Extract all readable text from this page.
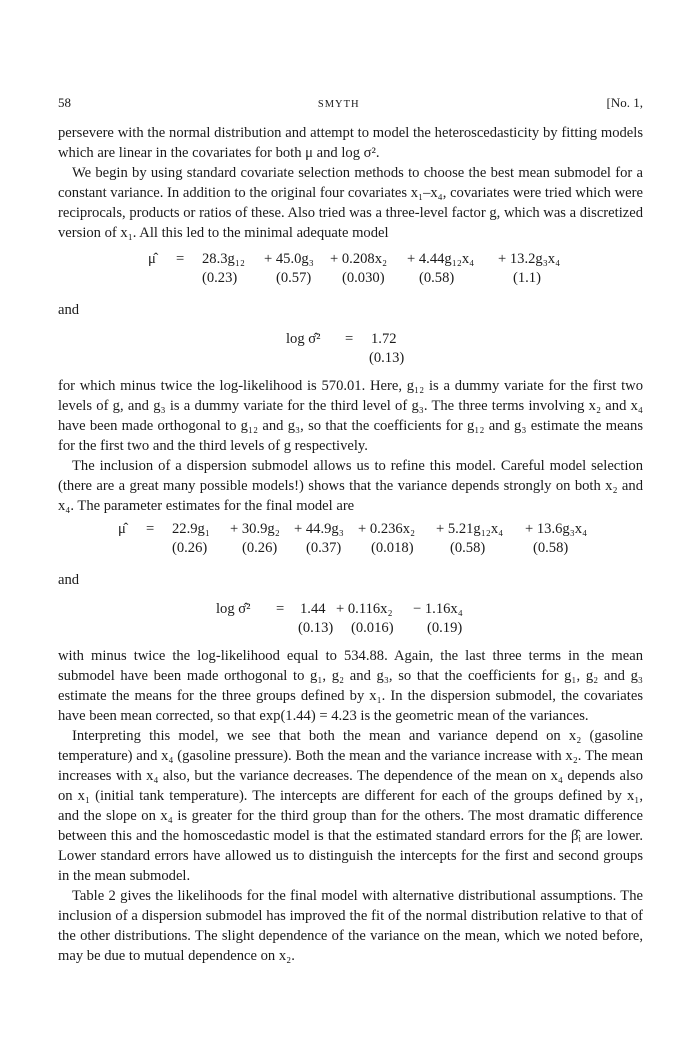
58	SMYTH	[No. 1,

persevere with the normal distribution and attempt to model the heteroscedasticity by fitting models which are linear in the covariates for both μ and log σ².

We begin by using standard covariate selection methods to choose the best mean submodel for a constant variance. In addition to the original four covariates x₁–x₄, covariates were tried which were reciprocals, products or ratios of these. Also tried was a three-level factor g, which was a discretized version of x₁. All this led to the minimal adequate model

μ̂ = 28.3g₁₂ + 45.0g₃ + 0.208x₂ + 4.44g₁₂x₄ + 13.2g₃x₄
(0.23)	(0.57) (0.030) (0.58)	(1.1)
and
log σ̂² = 1.72
(0.13)

for which minus twice the log-likelihood is 570.01. Here, g₁₂ is a dummy variate for the first two levels of g, and g₃ is a dummy variate for the third level of g₃. The three terms involving x₂ and x₄ have been made orthogonal to g₁₂ and g₃, so that the coefficients for g₁₂ and g₃ estimate the means for the first two and the third levels of g respectively.

The inclusion of a dispersion submodel allows us to refine this model. Careful model selection (there are a great many possible models!) shows that the variance depends strongly on both x₂ and x₄. The parameter estimates for the final model are

μ̂ = 22.9g₁ + 30.9g₂ + 44.9g₃ + 0.236x₂ + 5.21g₁₂x₄ + 13.6g₃x₄
(0.26) (0.26) (0.37) (0.018) (0.58)	(0.58)
and
log σ̂² = 1.44 + 0.116x₂ − 1.16x₄
(0.13) (0.016) (0.19)

with minus twice the log-likelihood equal to 534.88. Again, the last three terms in the mean submodel have been made orthogonal to g₁, g₂ and g₃, so that the coefficients for g₁, g₂ and g₃ estimate the means for the three groups defined by x₁. In the dispersion submodel, the covariates have been mean corrected, so that exp(1.44) = 4.23 is the geometric mean of the variances.

Interpreting this model, we see that both the mean and variance depend on x₂ (gasoline temperature) and x₄ (gasoline pressure). Both the mean and the variance increase with x₂. The mean increases with x₄ also, but the variance decreases. The dependence of the mean on x₄ depends also on x₁ (initial tank temperature). The intercepts are different for each of the groups defined by x₁, and the slope on x₄ is greater for the third group than for the others. The most dramatic difference between this and the homoscedastic model is that the estimated standard errors for the β̂ᵢ are lower. Lower standard errors have allowed us to distinguish the intercepts for the first and second groups in the mean submodel.

Table 2 gives the likelihoods for the final model with alternative distributional assumptions. The inclusion of a dispersion submodel has improved the fit of the normal distribution relative to that of the other distributions. The slight dependence of the variance on the mean, which we noted before, may be due to mutual dependence on x₂.
